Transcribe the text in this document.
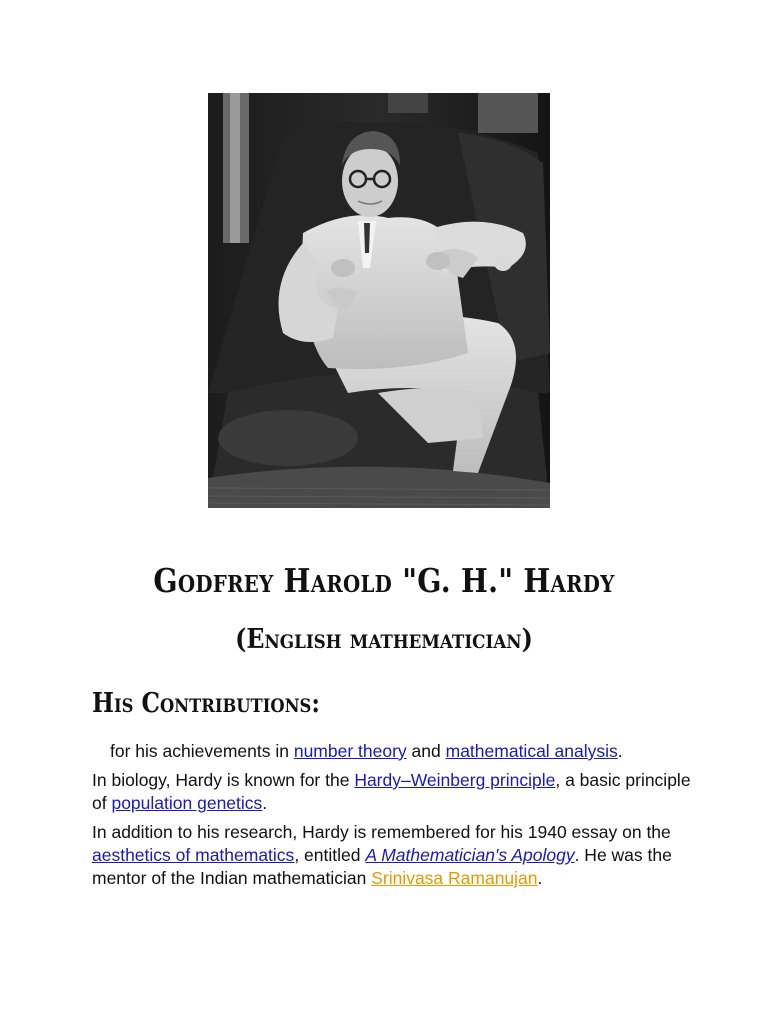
Godfrey Harold "G. H." Hardy
(English mathematician)
His Contributions:
for his achievements in number theory and mathematical analysis.
In biology, Hardy is known for the Hardy–Weinberg principle, a basic principle of population genetics.
In addition to his research, Hardy is remembered for his 1940 essay on the aesthetics of mathematics, entitled A Mathematician's Apology. He was the mentor of the Indian mathematician Srinivasa Ramanujan.
